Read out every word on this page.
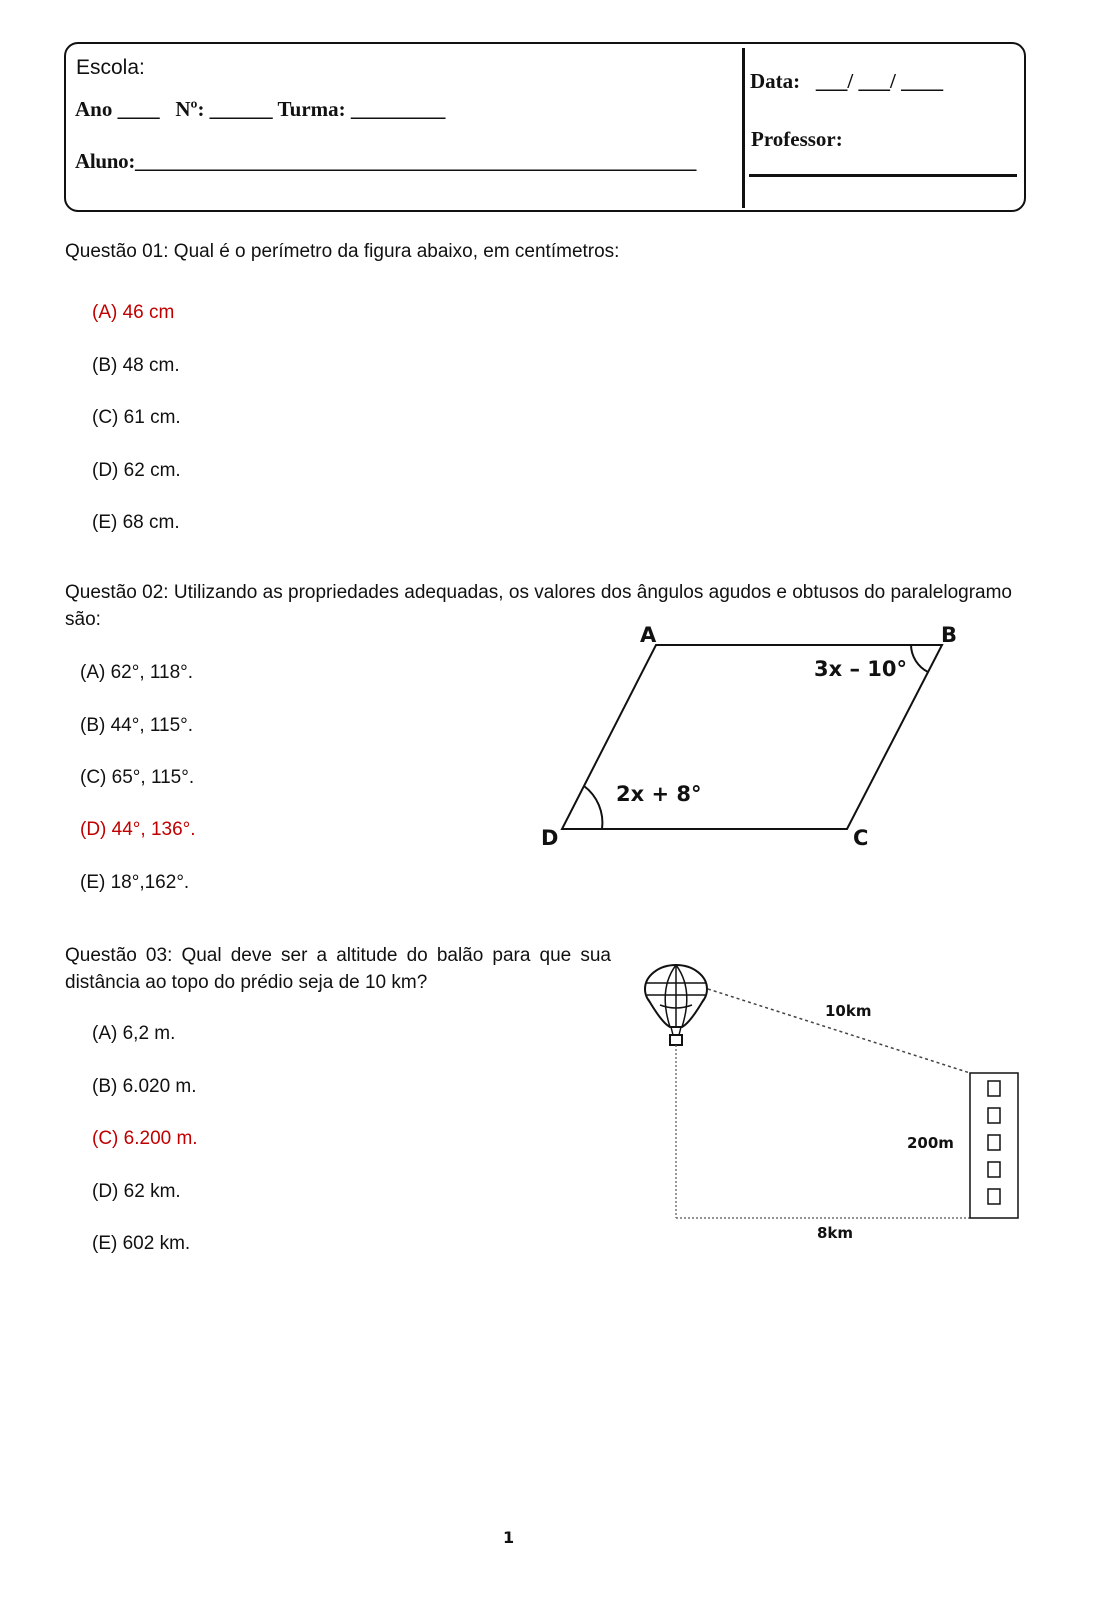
Escola:
Ano ____   Nº: ______ Turma: _________
Aluno:_______________________________________________________
Data:   ___/ ___/ ____
Professor:
Questão 01: Qual é o perímetro da figura abaixo, em centímetros:
(A) 46 cm
(B) 48 cm.
(C) 61 cm.
(D) 62 cm.
(E) 68 cm.
Questão 02: Utilizando as propriedades adequadas, os valores dos ângulos agudos e obtusos do paralelogramo são:
(A) 62°, 118°.
(B) 44°, 115°.
(C) 65°, 115°.
(D) 44°, 136°.
(E) 18°,162°.
A	B
C
D
3x – 10°
2x + 8°
Questão 03: Qual deve ser a altitude do balão para que sua distância ao topo do prédio seja de 10 km?
(A) 6,2 m.
(B) 6.020 m.
(C) 6.200 m.
(D) 62 km.
(E) 602 km.
10km
200m
8km
1
